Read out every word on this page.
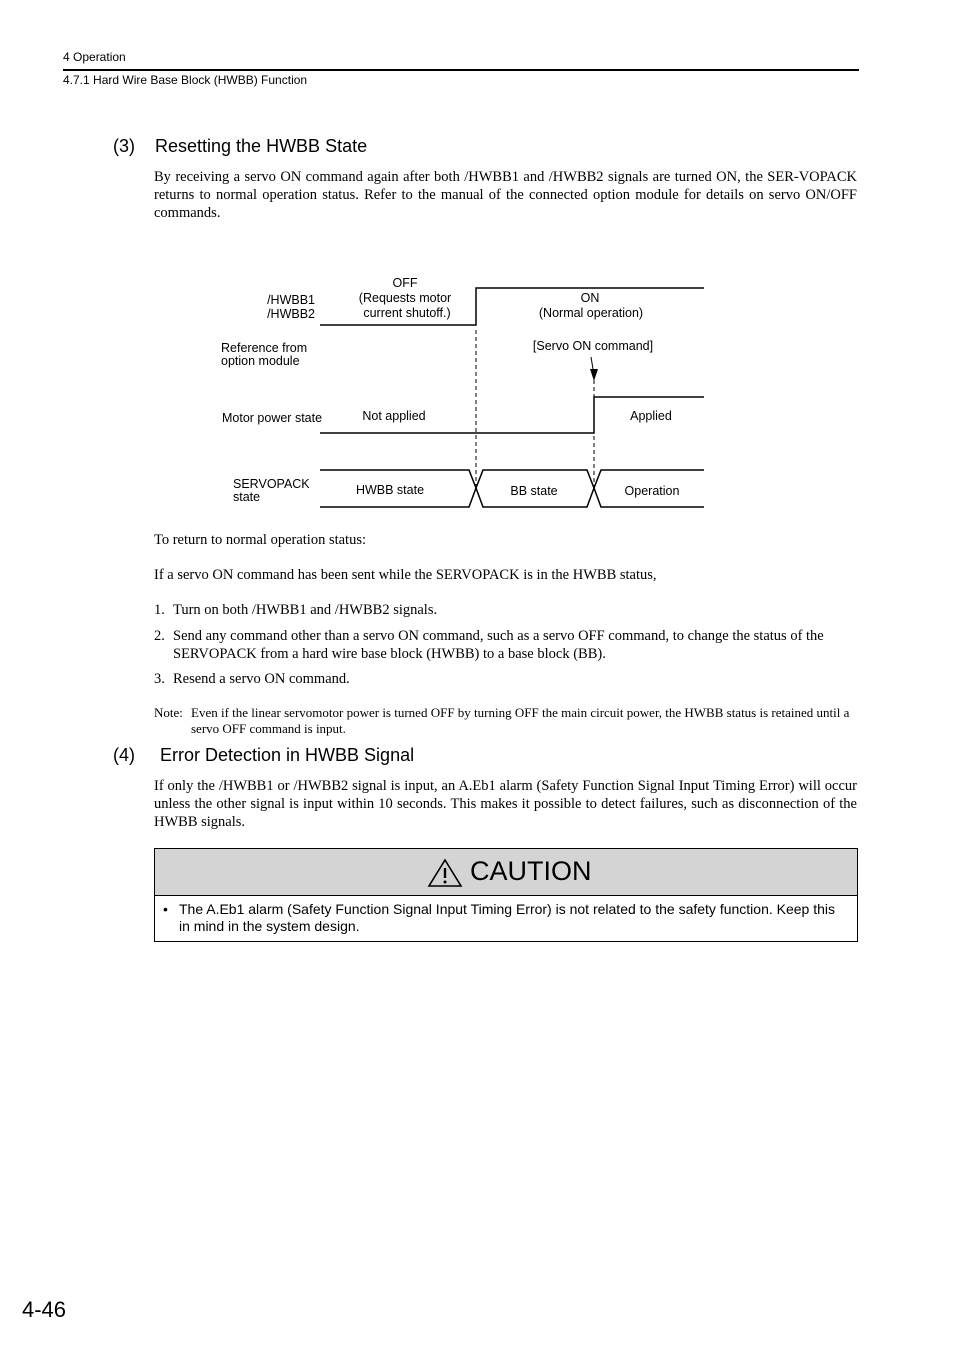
4 Operation
4.7.1 Hard Wire Base Block (HWBB) Function
(3) Resetting the HWBB State
By receiving a servo ON command again after both /HWBB1 and /HWBB2 signals are turned ON, the SER-VOPACK returns to normal operation status. Refer to the manual of the connected option module for details on servo ON/OFF commands.
/HWBB1
/HWBB2
OFF
(Requests motor
current shutoff.)
ON
(Normal operation)
Reference from
option module
[Servo ON command]
Motor power state	Not applied	Applied
SERVOPACK
state	HWBB state	BB state	Operation
To return to normal operation status:
If a servo ON command has been sent while the SERVOPACK is in the HWBB status,
1. Turn on both /HWBB1 and /HWBB2 signals.
2. Send any command other than a servo ON command, such as a servo OFF command, to change the status of the SERVOPACK from a hard wire base block (HWBB) to a base block (BB).
3. Resend a servo ON command.
Note: Even if the linear servomotor power is turned OFF by turning OFF the main circuit power, the HWBB status is retained until a servo OFF command is input.
(4) Error Detection in HWBB Signal
If only the /HWBB1 or /HWBB2 signal is input, an A.Eb1 alarm (Safety Function Signal Input Timing Error) will occur unless the other signal is input within 10 seconds. This makes it possible to detect failures, such as disconnection of the HWBB signals.
CAUTION
• The A.Eb1 alarm (Safety Function Signal Input Timing Error) is not related to the safety function. Keep this in mind in the system design.
4-46
